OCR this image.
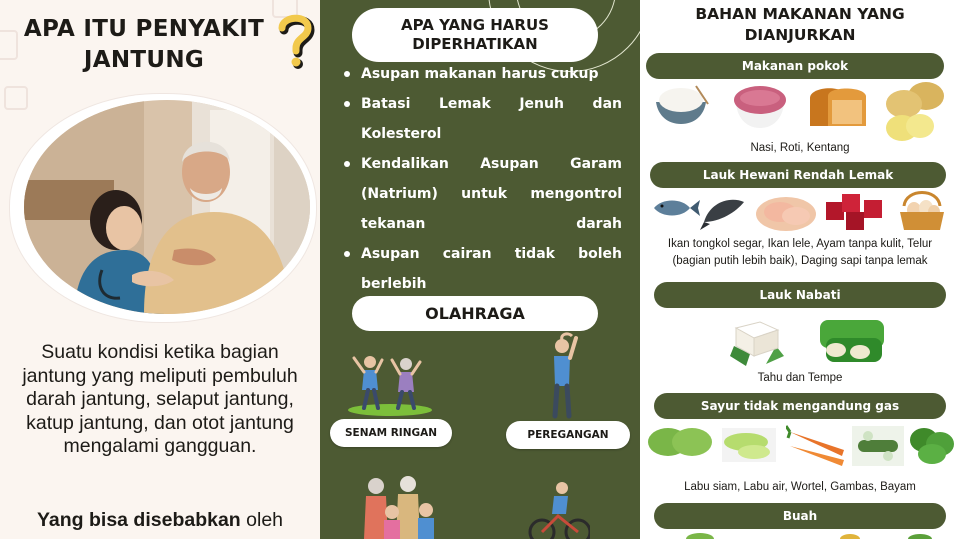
APA ITU PENYAKIT JANTUNG

Suatu kondisi ketika bagian jantung yang meliputi pembuluh darah jantung, selaput jantung, katup jantung, dan otot jantung mengalami gangguan.

Yang bisa disebabkan oleh

APA YANG HARUS DIPERHATIKAN
Asupan makanan harus cukup
Batasi Lemak Jenuh dan Kolesterol
Kendalikan Asupan Garam (Natrium) untuk mengontrol tekanan darah
Asupan cairan tidak boleh berlebih
OLAHRAGA
SENAM RINGAN	PEREGANGAN
BAHAN MAKANAN YANG DIANJURKAN
Makanan pokok

Nasi, Roti, Kentang

Lauk Hewani Rendah Lemak

Ikan tongkol segar, Ikan lele, Ayam tanpa kulit, Telur (bagian putih lebih baik), Daging sapi tanpa lemak

Lauk Nabati

Tahu dan Tempe

Sayur tidak mengandung gas

Labu siam, Labu air, Wortel, Gambas, Bayam

Buah
